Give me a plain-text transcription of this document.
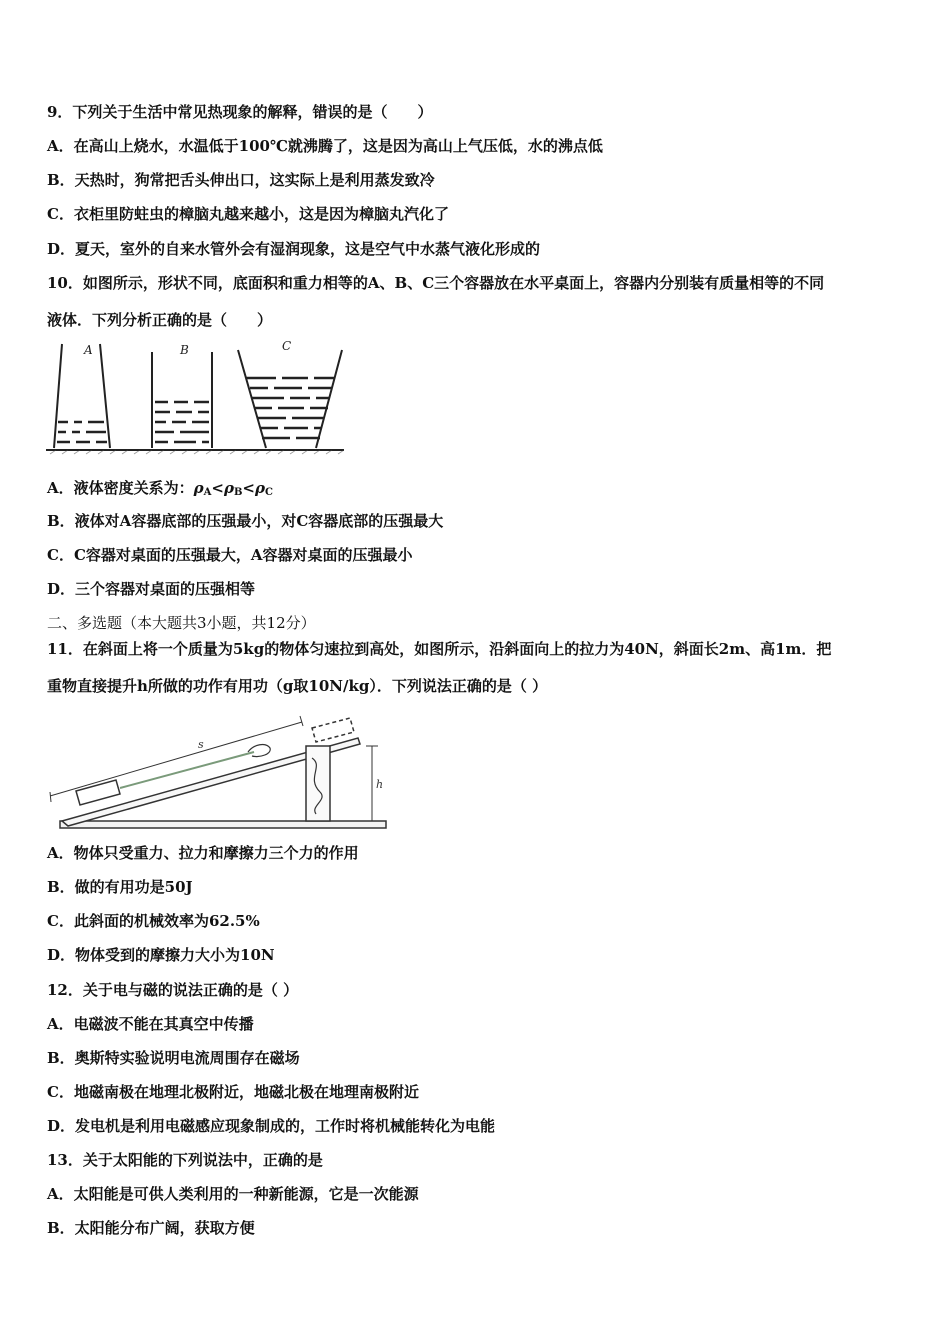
9．下列关于生活中常见热现象的解释，错误的是（　　）
A．在高山上烧水，水温低于100℃就沸腾了，这是因为高山上气压低，水的沸点低
B．天热时，狗常把舌头伸出口，这实际上是利用蒸发致冷
C．衣柜里防蛀虫的樟脑丸越来越小，这是因为樟脑丸汽化了
D．夏天，室外的自来水管外会有湿润现象，这是空气中水蒸气液化形成的
10．如图所示，形状不同，底面积和重力相等的A、B、C三个容器放在水平桌面上，容器内分别装有质量相等的不同
液体．下列分析正确的是（　　）
A	B	C
A．液体密度关系为：$\rho_A<\rho_B<\rho_C$
B．液体对A容器底部的压强最小，对C容器底部的压强最大
C．C容器对桌面的压强最大，A容器对桌面的压强最小
D．三个容器对桌面的压强相等
二、多选题（本大题共3小题，共12分）
11．在斜面上将一个质量为5kg的物体匀速拉到高处，如图所示，沿斜面向上的拉力为40N，斜面长2m、高1m．把
重物直接提升h所做的功作有用功（g取10N/kg）．下列说法正确的是（ ）
s
h
A．物体只受重力、拉力和摩擦力三个力的作用
B．做的有用功是50J
C．此斜面的机械效率为62.5%
D．物体受到的摩擦力大小为10N
12．关于电与磁的说法正确的是（ ）
A．电磁波不能在其真空中传播
B．奥斯特实验说明电流周围存在磁场
C．地磁南极在地理北极附近，地磁北极在地理南极附近
D．发电机是利用电磁感应现象制成的，工作时将机械能转化为电能
13．关于太阳能的下列说法中，正确的是
A．太阳能是可供人类利用的一种新能源，它是一次能源
B．太阳能分布广阔，获取方便
